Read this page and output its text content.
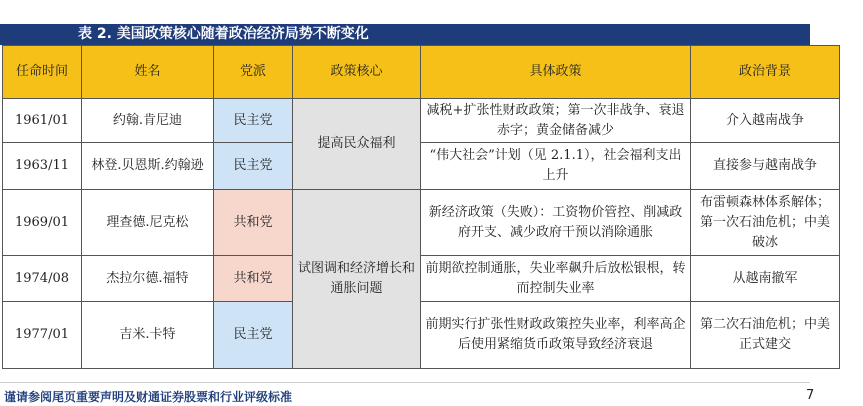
表 2. 美国政策核心随着政治经济局势不断变化
任命时间	姓名	党派	政策核心	具体政策	政治背景
1961/01	约翰.肯尼迪	民主党	提高民众福利	减税+扩张性财政政策；第一次非战争、衰退赤字；黄金储备减少	介入越南战争
1963/11	林登.贝恩斯.约翰逊	民主党		“伟大社会”计划（见 2.1.1），社会福利支出上升	直接参与越南战争
1969/01	理查德.尼克松	共和党	试图调和经济增长和通胀问题	新经济政策（失败）：工资物价管控、削减政府开支、减少政府干预以消除通胀	布雷顿森林体系解体；第一次石油危机；中美破冰
1974/08	杰拉尔德.福特	共和党		前期欲控制通胀，失业率飙升后放松银根，转而控制失业率	从越南撤军
1977/01	吉米.卡特	民主党		前期实行扩张性财政政策控失业率，利率高企后使用紧缩货币政策导致经济衰退	第二次石油危机；中美正式建交
谨请参阅尾页重要声明及财通证券股票和行业评级标准	7
